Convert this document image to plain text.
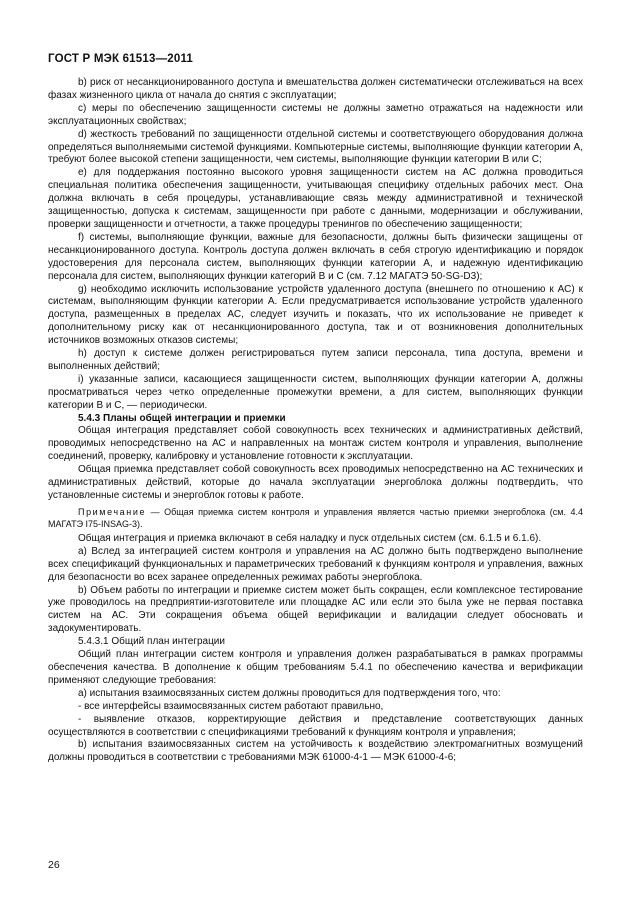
ГОСТ Р МЭК 61513—2011

b) риск от несанкционированного доступа и вмешательства должен систематически отслеживаться на всех фазах жизненного цикла от начала до снятия с эксплуатации;

c) меры по обеспечению защищенности системы не должны заметно отражаться на надежности или эксплуатационных свойствах;

d) жесткость требований по защищенности отдельной системы и соответствующего оборудования должна определяться выполняемыми системой функциями. Компьютерные системы, выполняющие функции категории А, требуют более высокой степени защищенности, чем системы, выполняющие функции категории В или С;

e) для поддержания постоянно высокого уровня защищенности систем на АС должна проводиться специальная политика обеспечения защищенности, учитывающая специфику отдельных рабочих мест. Она должна включать в себя процедуры, устанавливающие связь между административной и технической защищенностью, допуска к системам, защищенности при работе с данными, модернизации и обслуживании, проверки защищенности и отчетности, а также процедуры тренингов по обеспечению защищенности;

f) системы, выполняющие функции, важные для безопасности, должны быть физически защищены от несанкционированного доступа. Контроль доступа должен включать в себя строгую идентификацию и порядок удостоверения для персонала систем, выполняющих функции категории А, и надежную идентификацию персонала для систем, выполняющих функции категорий В и С (см. 7.12 МАГАТЭ 50-SG-D3);

g) необходимо исключить использование устройств удаленного доступа (внешнего по отношению к АС) к системам, выполняющим функции категории А. Если предусматривается использование устройств удаленного доступа, размещенных в пределах АС, следует изучить и показать, что их использование не приведет к дополнительному риску как от несанкционированного доступа, так и от возникновения дополнительных источников возможных отказов системы;

h) доступ к системе должен регистрироваться путем записи персонала, типа доступа, времени и выполненных действий;

i) указанные записи, касающиеся защищенности систем, выполняющих функции категории А, должны просматриваться через четко определенные промежутки времени, а для систем, выполняющих функции категории В и С, — периодически.

5.4.3 Планы общей интеграции и приемки

Общая интеграция представляет собой совокупность всех технических и административных действий, проводимых непосредственно на АС и направленных на монтаж систем контроля и управления, выполнение соединений, проверку, калибровку и установление готовности к эксплуатации.

Общая приемка представляет собой совокупность всех проводимых непосредственно на АС технических и административных действий, которые до начала эксплуатации энергоблока должны подтвердить, что установленные системы и энергоблок готовы к работе.

Примечание — Общая приемка систем контроля и управления является частью приемки энергоблока (см. 4.4 МАГАТЭ I75-INSAG-3).

Общая интеграция и приемка включают в себя наладку и пуск отдельных систем (см. 6.1.5 и 6.1.6).

a) Вслед за интеграцией систем контроля и управления на АС должно быть подтверждено выполнение всех спецификаций функциональных и параметрических требований к функциям контроля и управления, важных для безопасности во всех заранее определенных режимах работы энергоблока.

b) Объем работы по интеграции и приемке систем может быть сокращен, если комплексное тестирование уже проводилось на предприятии-изготовителе или площадке АС или если это была уже не первая поставка систем на АС. Эти сокращения объема общей верификации и валидации следует обосновать и задокументировать.

5.4.3.1 Общий план интеграции

Общий план интеграции систем контроля и управления должен разрабатываться в рамках программы обеспечения качества. В дополнение к общим требованиям 5.4.1 по обеспечению качества и верификации применяют следующие требования:

a) испытания взаимосвязанных систем должны проводиться для подтверждения того, что:

- все интерфейсы взаимосвязанных систем работают правильно,

- выявление отказов, корректирующие действия и представление соответствующих данных осуществляются в соответствии с спецификациями требований к функциям контроля и управления;

b) испытания взаимосвязанных систем на устойчивость к воздействию электромагнитных возмущений должны проводиться в соответствии с требованиями МЭК 61000-4-1 — МЭК 61000-4-6;

26
